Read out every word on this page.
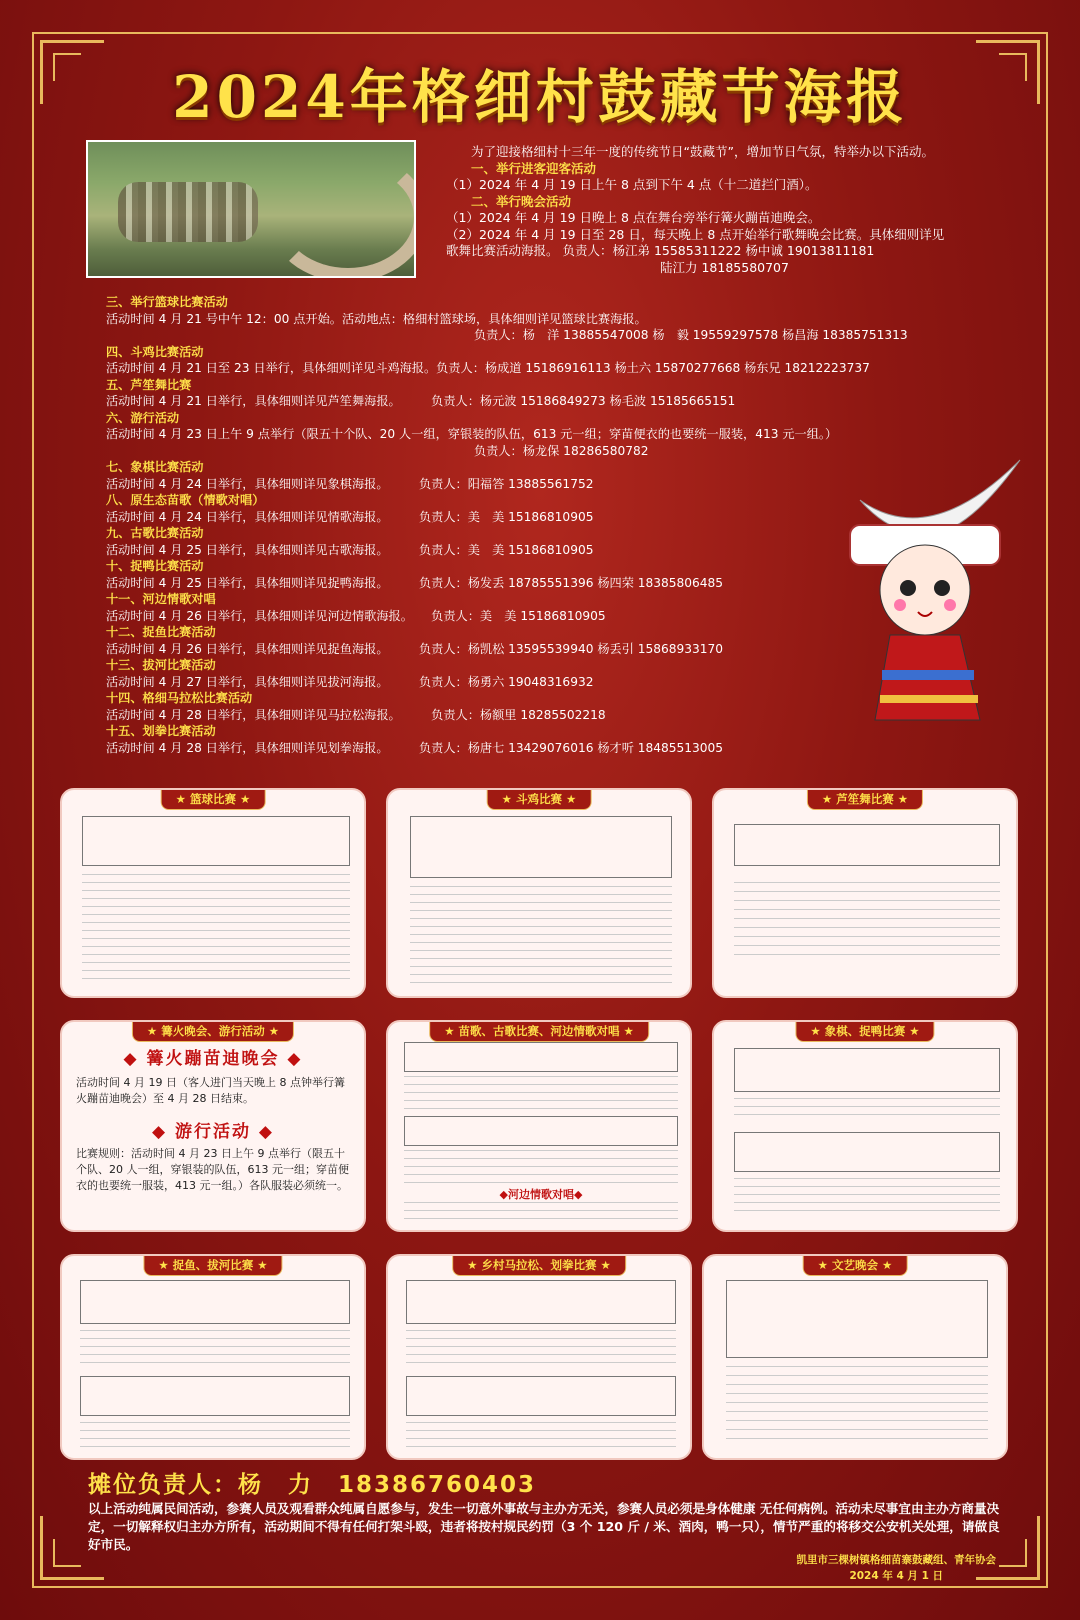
2024年格细村鼓藏节海报

为了迎接格细村十三年一度的传统节日“鼓藏节”，增加节日气氛，特举办以下活动。

一、举行进客迎客活动

（1）2024 年 4 月 19 日上午 8 点到下午 4 点（十二道拦门酒）。

二、举行晚会活动

（1）2024 年 4 月 19 日晚上 8 点在舞台旁举行篝火蹦苗迪晚会。

（2）2024 年 4 月 19 日至 28 日，每天晚上 8 点开始举行歌舞晚会比赛。具体细则详见歌舞比赛活动海报。 负责人：杨江弟 15585311222 杨中诚 19013811181

陆江力 18185580707

三、举行篮球比赛活动
活动时间 4 月 21 号中午 12：00 点开始。活动地点：格细村篮球场，具体细则详见篮球比赛海报。
负责人：杨　洋 13885547008 杨　毅 19559297578 杨昌海 18385751313
四、斗鸡比赛活动
活动时间 4 月 21 日至 23 日举行，具体细则详见斗鸡海报。负责人：杨成道 15186916113 杨土六 15870277668 杨东兄 18212223737
五、芦笙舞比赛
活动时间 4 月 21 日举行，具体细则详见芦笙舞海报。　　　负责人：杨元波 15186849273 杨毛波 15185665151
六、游行活动
活动时间 4 月 23 日上午 9 点举行（限五十个队、20 人一组，穿银装的队伍，613 元一组；穿苗便衣的也要统一服装，413 元一组。）
负责人：杨龙保 18286580782
七、象棋比赛活动
活动时间 4 月 24 日举行，具体细则详见象棋海报。　　　负责人：阳福答 13885561752
八、原生态苗歌（情歌对唱）
活动时间 4 月 24 日举行，具体细则详见情歌海报。　　　负责人：美　美 15186810905
九、古歌比赛活动
活动时间 4 月 25 日举行，具体细则详见古歌海报。　　　负责人：美　美 15186810905
十、捉鸭比赛活动
活动时间 4 月 25 日举行，具体细则详见捉鸭海报。　　　负责人：杨发丢 18785551396 杨四荣 18385806485
十一、河边情歌对唱
活动时间 4 月 26 日举行，具体细则详见河边情歌海报。　　负责人：美　美 15186810905
十二、捉鱼比赛活动
活动时间 4 月 26 日举行，具体细则详见捉鱼海报。　　　负责人：杨凯松 13595539940 杨丢引 15868933170
十三、拔河比赛活动
活动时间 4 月 27 日举行，具体细则详见拔河海报。　　　负责人：杨勇六 19048316932
十四、格细马拉松比赛活动
活动时间 4 月 28 日举行，具体细则详见马拉松海报。　　　负责人：杨额里 18285502218
十五、划拳比赛活动
活动时间 4 月 28 日举行，具体细则详见划拳海报。　　　负责人：杨唐七 13429076016 杨才听 18485513005
★ 篮球比赛 ★	★ 斗鸡比赛 ★	★ 芦笙舞比赛 ★
★ 篝火晚会、游行活动 ★
◆ 篝火蹦苗迪晚会 ◆
活动时间 4 月 19 日（客人进门当天晚上 8 点钟举行篝火蹦苗迪晚会）至 4 月 28 日结束。
◆ 游行活动 ◆
比赛规则：活动时间 4 月 23 日上午 9 点举行（限五十个队、20 人一组，穿银装的队伍，613 元一组；穿苗便衣的也要统一服装，413 元一组。）各队服装必须统一。
★ 苗歌、古歌比赛、河边情歌对唱 ★
◆河边情歌对唱◆
★ 象棋、捉鸭比赛 ★
★ 捉鱼、拔河比赛 ★	★ 乡村马拉松、划拳比赛 ★	★ 文艺晚会 ★
摊位负责人：杨　力　18386760403
以上活动纯属民间活动，参赛人员及观看群众纯属自愿参与，发生一切意外事故与主办方无关，参赛人员必须是身体健康 无任何病例。活动未尽事宜由主办方商量决定，一切解释权归主办方所有，活动期间不得有任何打架斗殴，违者将按村规民约罚（3 个 120 斤 / 米、酒肉，鸭一只），情节严重的将移交公安机关处理，请做良好市民。
凯里市三棵树镇格细苗寨鼓藏组、青年协会
2024 年 4 月 1 日
